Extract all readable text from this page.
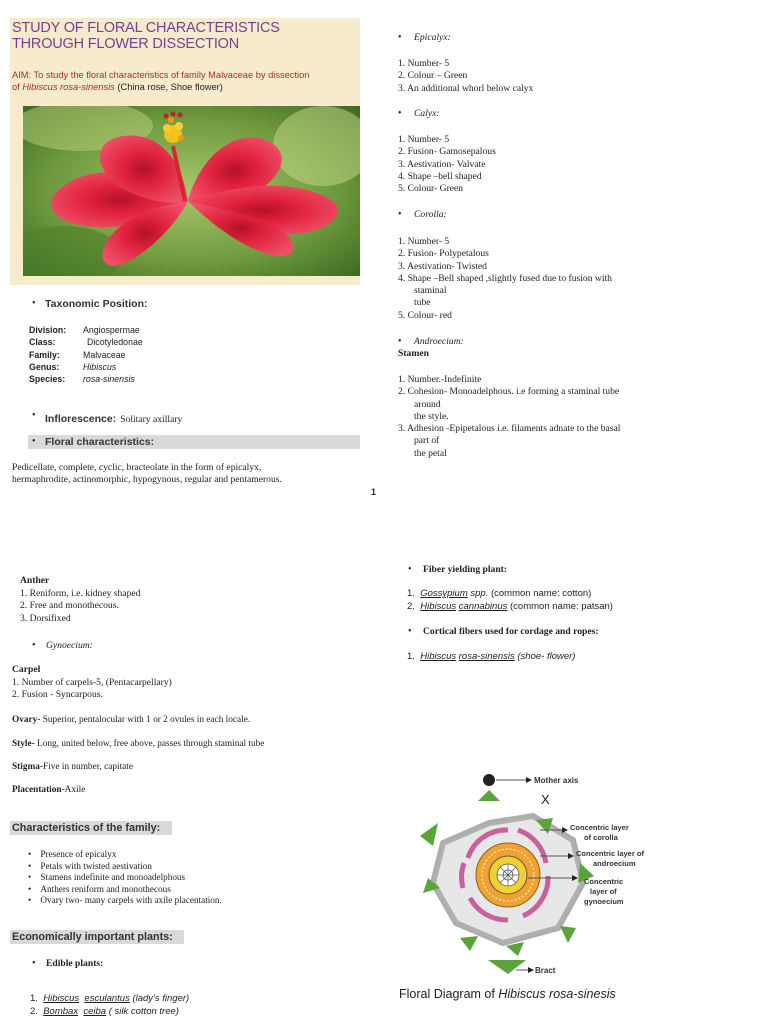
STUDY OF FLORAL CHARACTERISTICS
THROUGH FLOWER DISSECTION
AIM: To study the floral characteristics of family Malvaceae by dissection
of Hibiscus rosa-sinensis (China rose, Shoe flower)
• Taxonomic Position:
Division:	Angiospermae
Class:	Dicotyledonae
Family:	Malvaceae
Genus:	Hibiscus
Species:	rosa-sinensis
• Inflorescence: Solitary axillary
• Floral characteristics:
Pedicellate, complete, cyclic, bracteolate in the form of epicalyx,
hermaphrodite, actinomorphic, hypogynous, regular and pentamerous.
• Epicalyx:
1. Number- 5
2. Colour – Green
3. An additional whorl below calyx
• Calyx:
1. Number- 5
2. Fusion- Gamosepalous
3. Aestivation- Valvate
4. Shape –bell shaped
5. Colour- Green
• Corolla:
1. Number- 5
2. Fusion- Polypetalous
3. Aestivation- Twisted
4. Shape –Bell shaped ,slightly fused due to fusion with
staminal
tube
5. Colour- red
• Androecium:
Stamen
1. Number.-Indefinite
2. Cohesion- Monoadelphous. i.e forming a staminal tube
around
the style.
3. Adhesion -Epipetalous i.e. filaments adnate to the basal
part of
the petal
1
Anther
1. Reniform, i.e. kidney shaped
2. Free and monothecous.
3. Dorsifixed
• Gynoecium:
Carpel
1. Number of carpels-5, (Pentacarpellary)
2. Fusion - Syncarpous.
Ovary- Superior, pentalocular with 1 or 2 ovules in each locale.
Style- Long, united below, free above, passes through staminal tube
Stigma-Five in number, capitate
Placentation-Axile
Characteristics of the family:
•    Presence of epicalyx
•    Petals with twisted aestivation
•    Stamens indefinite and monoadelphous
•    Anthers reniform and monothecous
•    Ovary two- many carpels with axile placentation.
Economically important plants:
• Edible plants:
1. Hibiscus esculantus (lady's finger)
2. Bombax ceiba ( silk cotton tree)
• Fiber yielding plant:
1. Gossypium spp. (common name: cotton)
2. Hibiscus cannabinus (common name: patsan)
• Cortical fibers used for cordage and ropes:
1. Hibiscus rosa-sinensis (shoe- flower)
Mother axis
X
Bract
Concentric layer
of corolla
Concentric layer of
androecium
Concentric
layer of
gynoecium
Floral Diagram of Hibiscus rosa-sinesis
